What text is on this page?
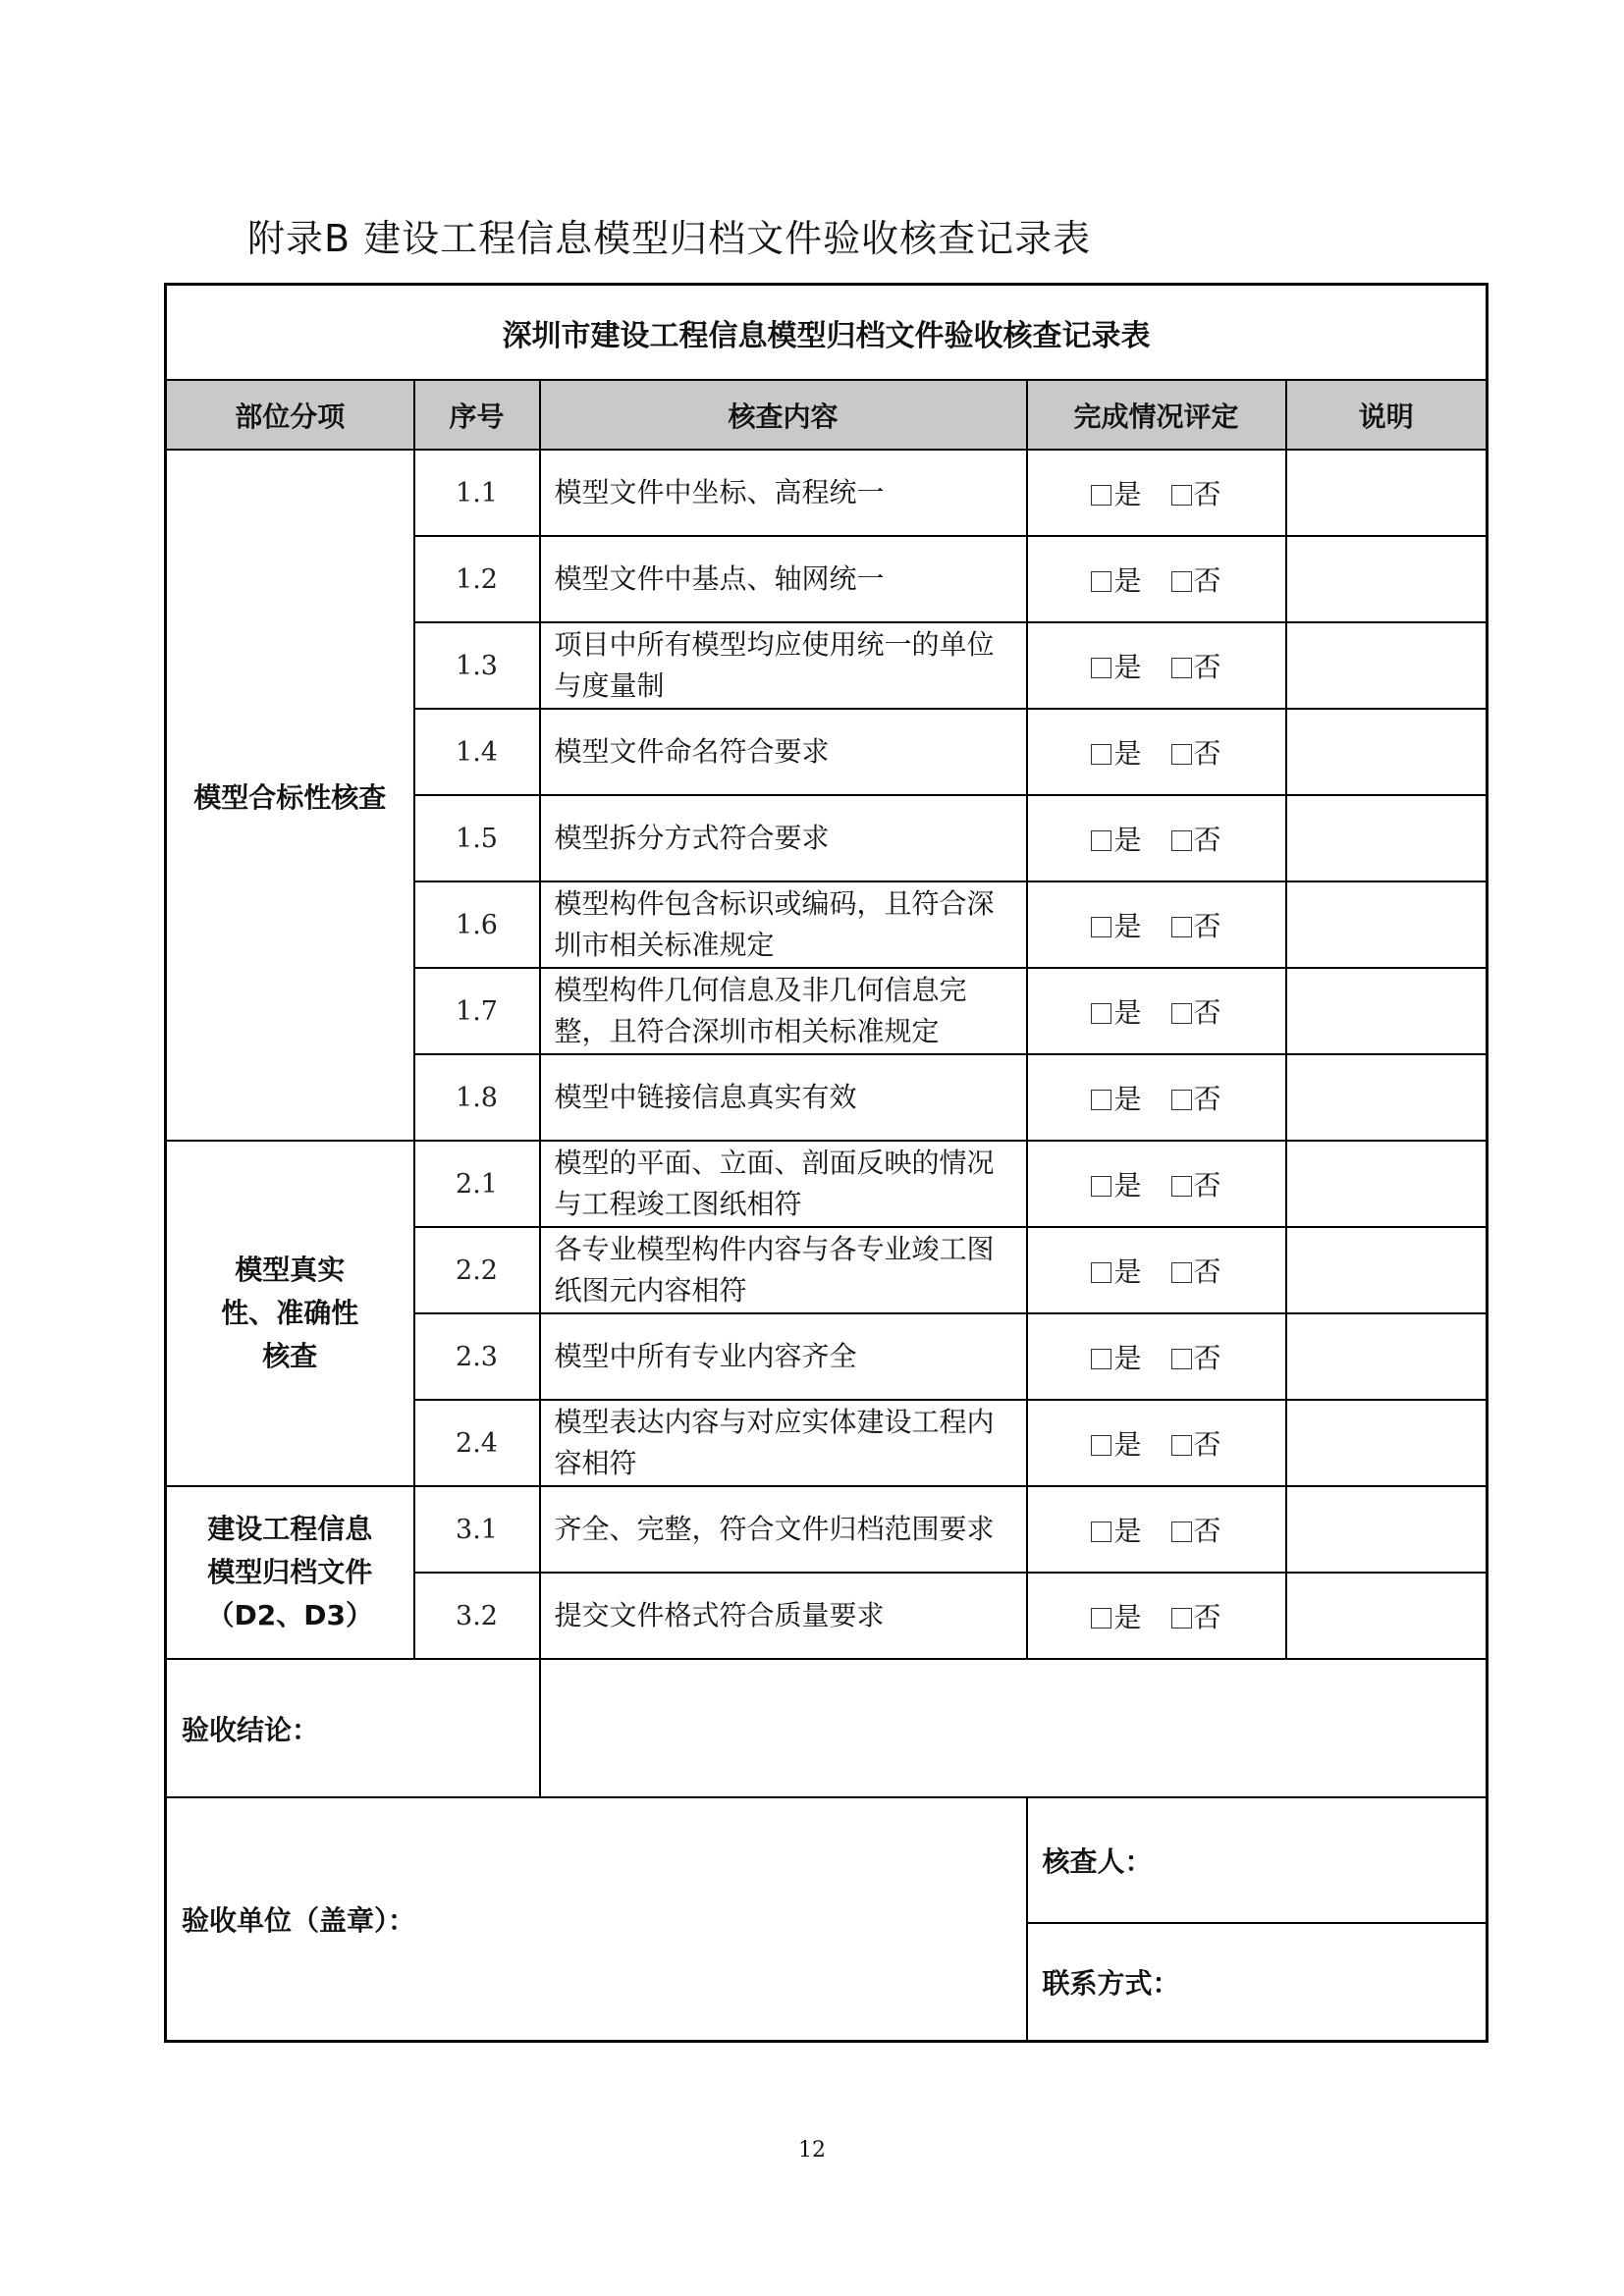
附录B 建设工程信息模型归档文件验收核查记录表
深圳市建设工程信息模型归档文件验收核查记录表				
部位分项	序号	核查内容	完成情况评定	说明
模型合标性核查	1.1	模型文件中坐标、高程统一	是 否	
	1.2	模型文件中基点、轴网统一	是 否	
	1.3	项目中所有模型均应使用统一的单位与度量制	是 否	
	1.4	模型文件命名符合要求	是 否	
	1.5	模型拆分方式符合要求	是 否	
	1.6	模型构件包含标识或编码，且符合深圳市相关标准规定	是 否	
	1.7	模型构件几何信息及非几何信息完整，且符合深圳市相关标准规定	是 否	
	1.8	模型中链接信息真实有效	是 否	
模型真实性、准确性核查	2.1	模型的平面、立面、剖面反映的情况与工程竣工图纸相符	是 否	
	2.2	各专业模型构件内容与各专业竣工图纸图元内容相符	是 否	
	2.3	模型中所有专业内容齐全	是 否	
	2.4	模型表达内容与对应实体建设工程内容相符	是 否	
建设工程信息模型归档文件（D2、D3）	3.1	齐全、完整，符合文件归档范围要求	是 否	
	3.2	提交文件格式符合质量要求	是 否	
验收结论：				
验收单位（盖章）：			核查人：	
			联系方式：	
12
